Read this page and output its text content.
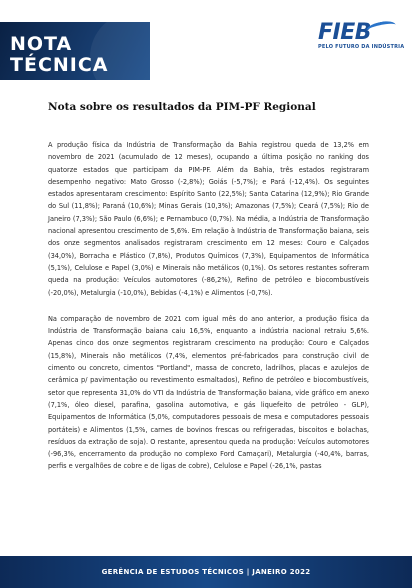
NOTA
TÉCNICA
FIEB
PELO FUTURO DA INDÚSTRIA
Nota sobre os resultados da PIM-PF Regional

A produção física da Indústria de Transformação da Bahia registrou queda de 13,2% em novembro de 2021 (acumulado de 12 meses), ocupando a última posição no ranking dos quatorze estados que participam da PIM-PF. Além da Bahia, três estados registraram desempenho negativo: Mato Grosso (-2,8%); Goiás (-5,7%); e Pará (-12,4%). Os seguintes estados apresentaram crescimento: Espírito Santo (22,5%); Santa Catarina (12,9%); Rio Grande do Sul (11,8%); Paraná (10,6%); Minas Gerais (10,3%); Amazonas (7,5%); Ceará (7,5%); Rio de Janeiro (7,3%); São Paulo (6,6%); e Pernambuco (0,7%). Na média, a Indústria de Transformação nacional apresentou crescimento de 5,6%. Em relação à Indústria de Transformação baiana, seis dos onze segmentos analisados registraram crescimento em 12 meses: Couro e Calçados (34,0%), Borracha e Plástico (7,8%), Produtos Químicos (7,3%), Equipamentos de Informática (5,1%), Celulose e Papel (3,0%) e Minerais não metálicos (0,1%). Os setores restantes sofreram queda na produção: Veículos automotores (-86,2%), Refino de petróleo e biocombustíveis (-20,0%), Metalurgia (-10,0%), Bebidas (-4,1%) e Alimentos (-0,7%).

Na comparação de novembro de 2021 com igual mês do ano anterior, a produção física da Indústria de Transformação baiana caiu 16,5%, enquanto a indústria nacional retraiu 5,6%. Apenas cinco dos onze segmentos registraram crescimento na produção: Couro e Calçados (15,8%), Minerais não metálicos (7,4%, elementos pré-fabricados para construção civil de cimento ou concreto, cimentos "Portland", massa de concreto, ladrilhos, placas e azulejos de cerâmica p/ pavimentação ou revestimento esmaltados), Refino de petróleo e biocombustíveis, setor que representa 31,0% do VTI da Indústria de Transformação baiana, vide gráfico em anexo (7,1%, óleo diesel, parafina, gasolina automotiva, e gás liquefeito de petróleo - GLP), Equipamentos de Informática (5,0%, computadores pessoais de mesa e computadores pessoais portáteis) e Alimentos (1,5%, carnes de bovinos frescas ou refrigeradas, biscoitos e bolachas, resíduos da extração de soja). O restante, apresentou queda na produção: Veículos automotores (-96,3%, encerramento da produção no complexo Ford Camaçari), Metalurgia (-40,4%, barras, perfis e vergalhões de cobre e de ligas de cobre), Celulose e Papel (-26,1%, pastas

GERÊNCIA DE ESTUDOS TÉCNICOS | JANEIRO 2022
